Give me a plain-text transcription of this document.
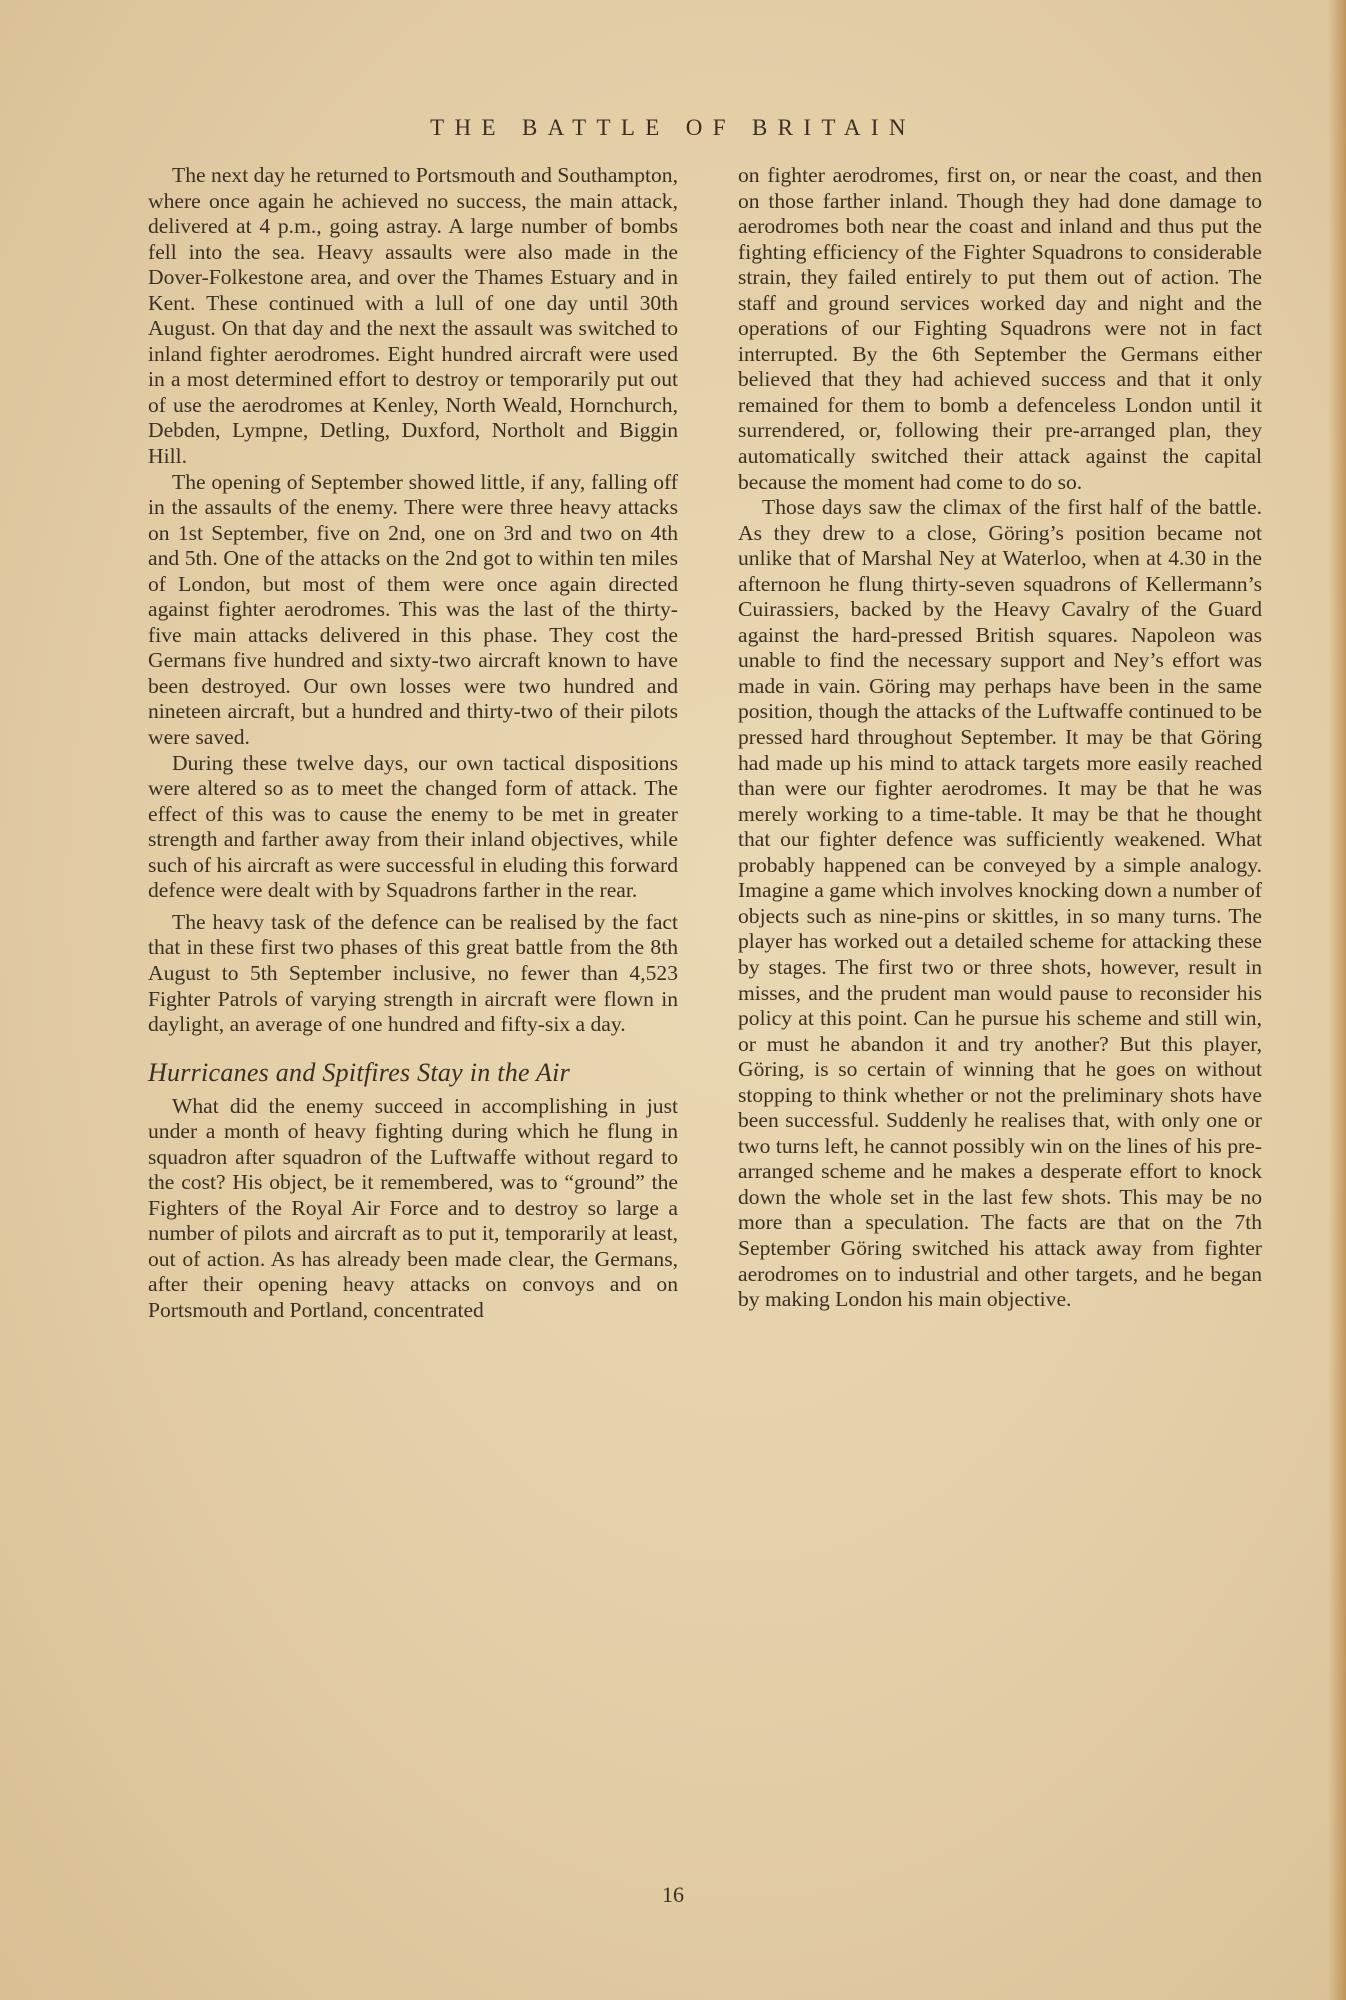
THE BATTLE OF BRITAIN

The next day he returned to Portsmouth and Southampton, where once again he achieved no success, the main attack, delivered at 4 p.m., going astray. A large number of bombs fell into the sea. Heavy assaults were also made in the Dover-Folkestone area, and over the Thames Estuary and in Kent. These continued with a lull of one day until 30th August. On that day and the next the assault was switched to inland fighter aerodromes. Eight hundred aircraft were used in a most determined effort to destroy or temporarily put out of use the aerodromes at Kenley, North Weald, Hornchurch, Debden, Lympne, Detling, Duxford, Northolt and Biggin Hill.

The opening of September showed little, if any, falling off in the assaults of the enemy. There were three heavy attacks on 1st September, five on 2nd, one on 3rd and two on 4th and 5th. One of the attacks on the 2nd got to within ten miles of London, but most of them were once again directed against fighter aerodromes. This was the last of the thirty-five main attacks delivered in this phase. They cost the Germans five hundred and sixty-two aircraft known to have been destroyed. Our own losses were two hundred and nineteen aircraft, but a hundred and thirty-two of their pilots were saved.

During these twelve days, our own tactical dispositions were altered so as to meet the changed form of attack. The effect of this was to cause the enemy to be met in greater strength and farther away from their inland objectives, while such of his aircraft as were successful in eluding this forward defence were dealt with by Squadrons farther in the rear.

The heavy task of the defence can be realised by the fact that in these first two phases of this great battle from the 8th August to 5th September inclusive, no fewer than 4,523 Fighter Patrols of varying strength in aircraft were flown in daylight, an average of one hundred and fifty-six a day.

Hurricanes and Spitfires Stay in the Air

What did the enemy succeed in accomplishing in just under a month of heavy fighting during which he flung in squadron after squadron of the Luftwaffe without regard to the cost? His object, be it remembered, was to “ground” the Fighters of the Royal Air Force and to destroy so large a number of pilots and aircraft as to put it, temporarily at least, out of action. As has already been made clear, the Germans, after their opening heavy attacks on convoys and on Portsmouth and Portland, concentrated

on fighter aerodromes, first on, or near the coast, and then on those farther inland. Though they had done damage to aerodromes both near the coast and inland and thus put the fighting efficiency of the Fighter Squadrons to considerable strain, they failed entirely to put them out of action. The staff and ground services worked day and night and the operations of our Fighting Squadrons were not in fact interrupted. By the 6th September the Germans either believed that they had achieved success and that it only remained for them to bomb a defenceless London until it surrendered, or, following their pre-arranged plan, they automatically switched their attack against the capital because the moment had come to do so.

Those days saw the climax of the first half of the battle. As they drew to a close, Göring’s position became not unlike that of Marshal Ney at Waterloo, when at 4.30 in the afternoon he flung thirty-seven squadrons of Kellermann’s Cuirassiers, backed by the Heavy Cavalry of the Guard against the hard-pressed British squares. Napoleon was unable to find the necessary support and Ney’s effort was made in vain. Göring may perhaps have been in the same position, though the attacks of the Luftwaffe continued to be pressed hard throughout September. It may be that Göring had made up his mind to attack targets more easily reached than were our fighter aerodromes. It may be that he was merely working to a time-table. It may be that he thought that our fighter defence was sufficiently weakened. What probably happened can be conveyed by a simple analogy. Imagine a game which involves knocking down a number of objects such as nine-pins or skittles, in so many turns. The player has worked out a detailed scheme for attacking these by stages. The first two or three shots, however, result in misses, and the prudent man would pause to reconsider his policy at this point. Can he pursue his scheme and still win, or must he abandon it and try another? But this player, Göring, is so certain of winning that he goes on without stopping to think whether or not the preliminary shots have been successful. Suddenly he realises that, with only one or two turns left, he cannot possibly win on the lines of his pre-arranged scheme and he makes a desperate effort to knock down the whole set in the last few shots. This may be no more than a speculation. The facts are that on the 7th September Göring switched his attack away from fighter aerodromes on to industrial and other targets, and he began by making London his main objective.

16
